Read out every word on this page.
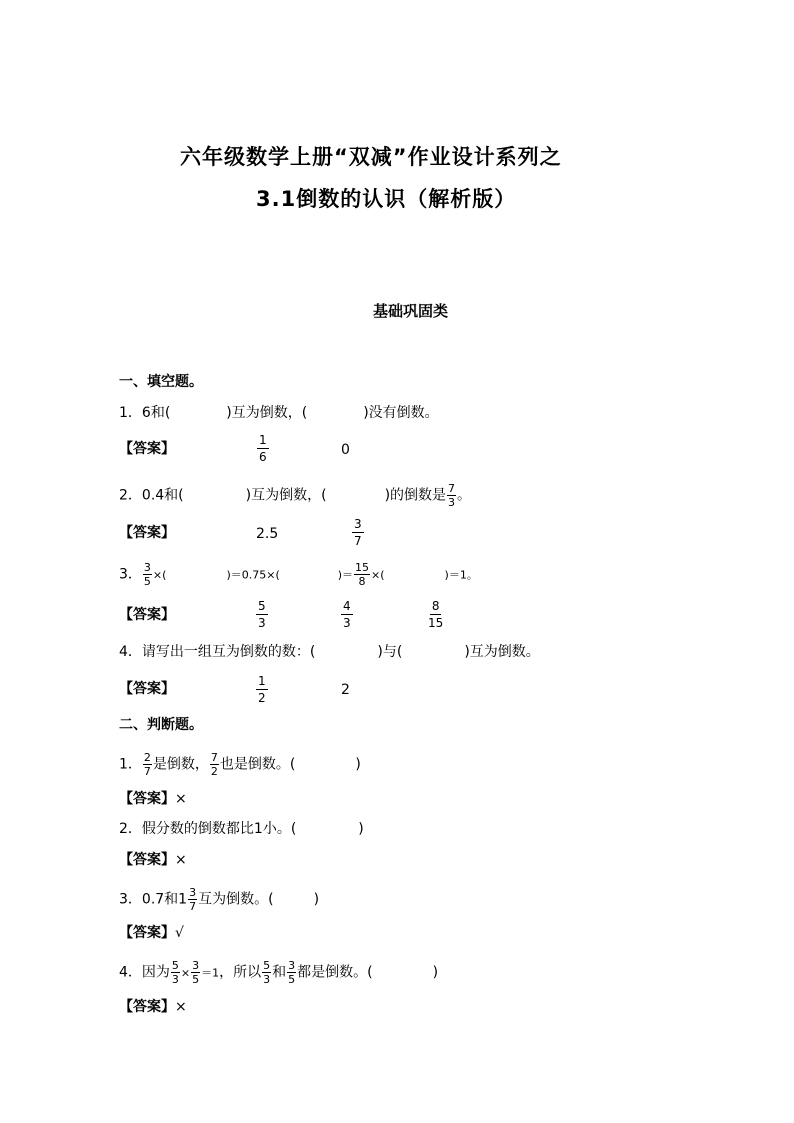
六年级数学上册“双减”作业设计系列之
3.1倒数的认识（解析版）
基础巩固类
一、填空题。
1．6和(	)互为倒数，(	)没有倒数。
【答案】
1
6	0
2．0.4和(	)互为倒数，(	)的倒数是 $\frac{7}{3}$ 。
【答案】	2.5
3
7
3． $\frac{3}{5}$ ×(	)＝0.75×(	)＝ $\frac{15}{8}$ ×(	)＝1。
【答案】
5
3
4
3
8
15
4．请写出一组互为倒数的数：(	)与(	)互为倒数。
【答案】	1
2	2
二、判断题。
1． $\frac{2}{7}$ 是倒数， $\frac{7}{2}$ 也是倒数。(	)
【答案】×
2．假分数的倒数都比1小。(	)
【答案】×
3．0.7和$1 \frac{3}{7}$ 互为倒数。(	)
【答案】√
4．因为 $\frac{5}{3} \times \frac{3}{5} =1$，所以 $\frac{5}{3}$ 和 $\frac{3}{5}$ 都是倒数。(	)
【答案】×
